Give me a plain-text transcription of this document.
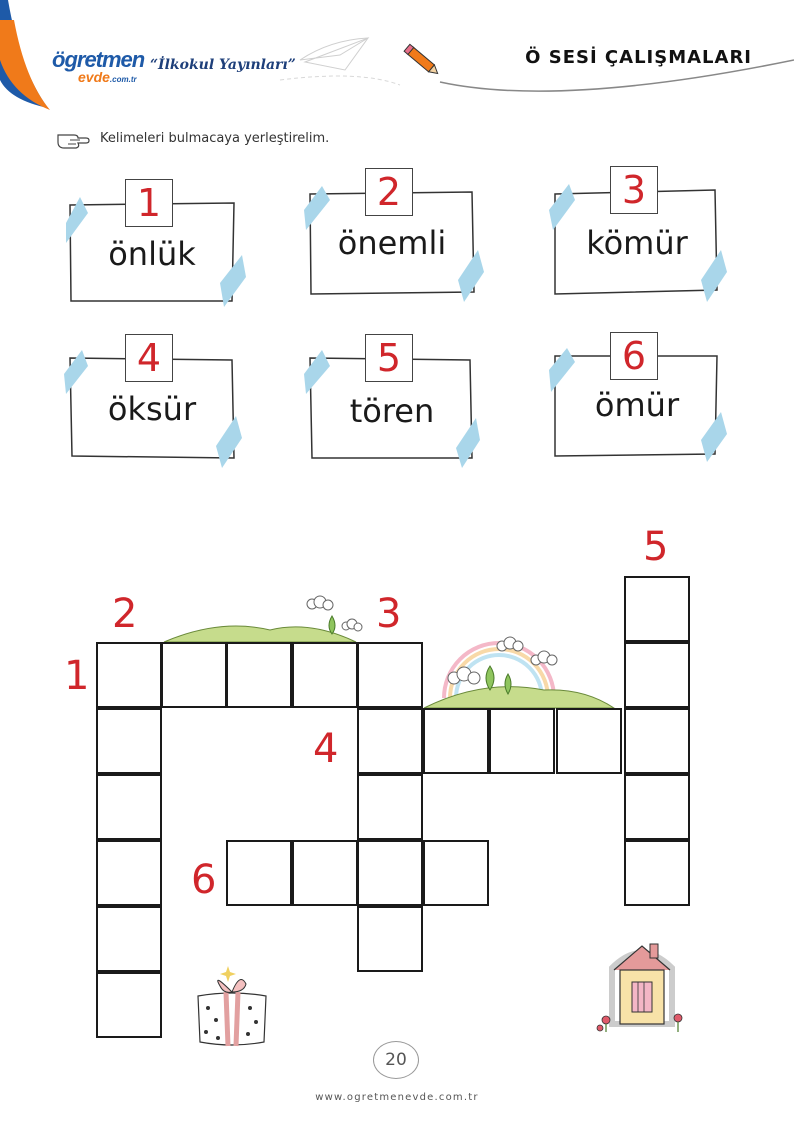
ögretmen
evde.com.tr
“İlkokul Yayınları”	Ö SESİ ÇALIŞMALARI
Kelimeleri bulmacaya yerleştirelim.
1
önlük
2
önemli
3
kömür
4
öksür
5
tören
6
ömür
1
2	3
4
5
6
20
www.ogretmenevde.com.tr
